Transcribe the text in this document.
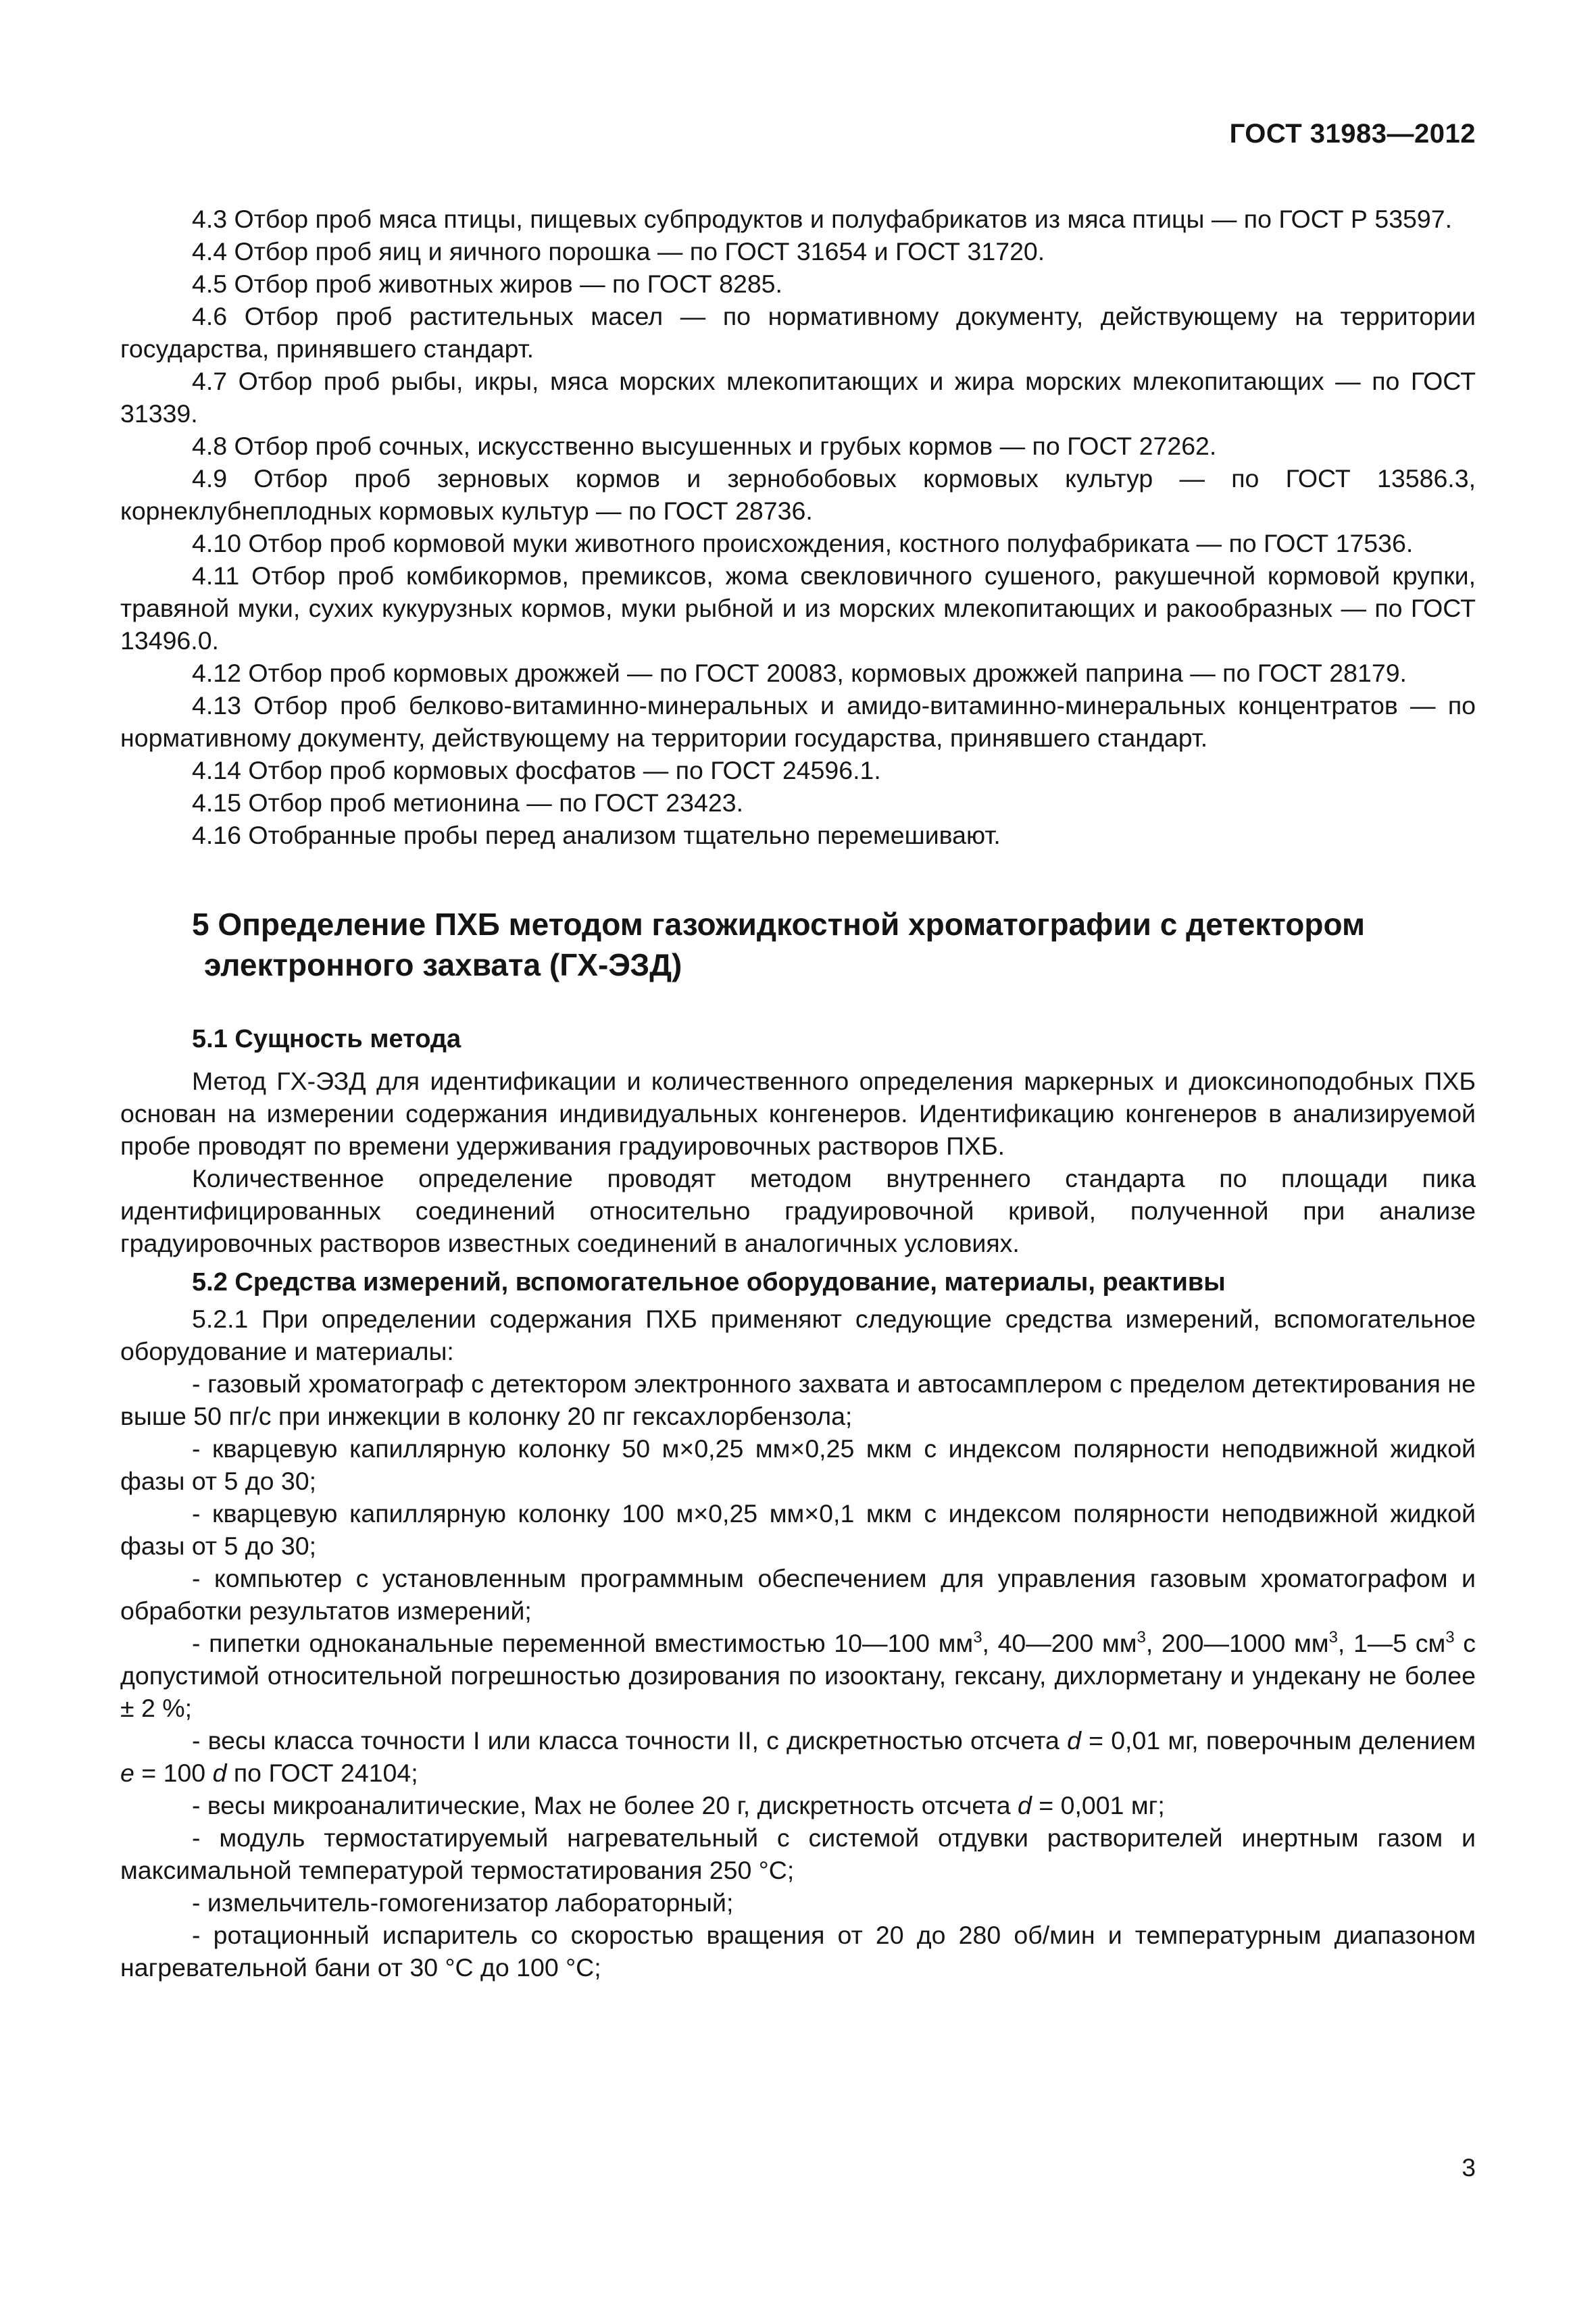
ГОСТ 31983—2012

4.3 Отбор проб мяса птицы, пищевых субпродуктов и полуфабрикатов из мяса птицы — по ГОСТ Р 53597.

4.4 Отбор проб яиц и яичного порошка — по ГОСТ 31654 и ГОСТ 31720.

4.5 Отбор проб животных жиров — по ГОСТ 8285.

4.6 Отбор проб растительных масел — по нормативному документу, действующему на территории государства, принявшего стандарт.

4.7 Отбор проб рыбы, икры, мяса морских млекопитающих и жира морских млекопитающих — по ГОСТ 31339.

4.8 Отбор проб сочных, искусственно высушенных и грубых кормов — по ГОСТ 27262.

4.9 Отбор проб зерновых кормов и зернобобовых кормовых культур — по ГОСТ 13586.3, корнеклубнеплодных кормовых культур — по ГОСТ 28736.

4.10 Отбор проб кормовой муки животного происхождения, костного полуфабриката — по ГОСТ 17536.

4.11 Отбор проб комбикормов, премиксов, жома свекловичного сушеного, ракушечной кормовой крупки, травяной муки, сухих кукурузных кормов, муки рыбной и из морских млекопитающих и ракообразных — по ГОСТ 13496.0.

4.12 Отбор проб кормовых дрожжей — по ГОСТ 20083, кормовых дрожжей паприна — по ГОСТ 28179.

4.13 Отбор проб белково-витаминно-минеральных и амидо-витаминно-минеральных концентратов — по нормативному документу, действующему на территории государства, принявшего стандарт.

4.14 Отбор проб кормовых фосфатов — по ГОСТ 24596.1.

4.15 Отбор проб метионина — по ГОСТ 23423.

4.16 Отобранные пробы перед анализом тщательно перемешивают.

5 Определение ПХБ методом газожидкостной хроматографии с детектором
электронного захвата (ГХ-ЭЗД)

5.1 Сущность метода

Метод ГХ-ЭЗД для идентификации и количественного определения маркерных и диоксиноподобных ПХБ основан на измерении содержания индивидуальных конгенеров. Идентификацию конгенеров в анализируемой пробе проводят по времени удерживания градуировочных растворов ПХБ.

Количественное определение проводят методом внутреннего стандарта по площади пика идентифицированных соединений относительно градуировочной кривой, полученной при анализе градуировочных растворов известных соединений в аналогичных условиях.

5.2 Средства измерений, вспомогательное оборудование, материалы, реактивы

5.2.1 При определении содержания ПХБ применяют следующие средства измерений, вспомогательное оборудование и материалы:

- газовый хроматограф с детектором электронного захвата и автосамплером с пределом детектирования не выше 50 пг/с при инжекции в колонку 20 пг гексахлорбензола;

- кварцевую капиллярную колонку 50 м×0,25 мм×0,25 мкм с индексом полярности неподвижной жидкой фазы от 5 до 30;

- кварцевую капиллярную колонку 100 м×0,25 мм×0,1 мкм с индексом полярности неподвижной жидкой фазы от 5 до 30;

- компьютер с установленным программным обеспечением для управления газовым хроматографом и обработки результатов измерений;

- пипетки одноканальные переменной вместимостью 10—100 $мм^3$, 40—200 $мм^3$, 200—1000 $мм^3$, 1—5 $см^3$ с допустимой относительной погрешностью дозирования по изооктану, гексану, дихлорметану и ундекану не более ± 2 %;

- весы класса точности I или класса точности II, с дискретностью отсчета d = 0,01 мг, поверочным делением e = 100 d по ГОСТ 24104;

- весы микроаналитические, Max не более 20 г, дискретность отсчета d = 0,001 мг;

- модуль термостатируемый нагревательный с системой отдувки растворителей инертным газом и максимальной температурой термостатирования 250 °С;

- измельчитель-гомогенизатор лабораторный;

- ротационный испаритель со скоростью вращения от 20 до 280 об/мин и температурным диапазоном нагревательной бани от 30 °С до 100 °С;

3
